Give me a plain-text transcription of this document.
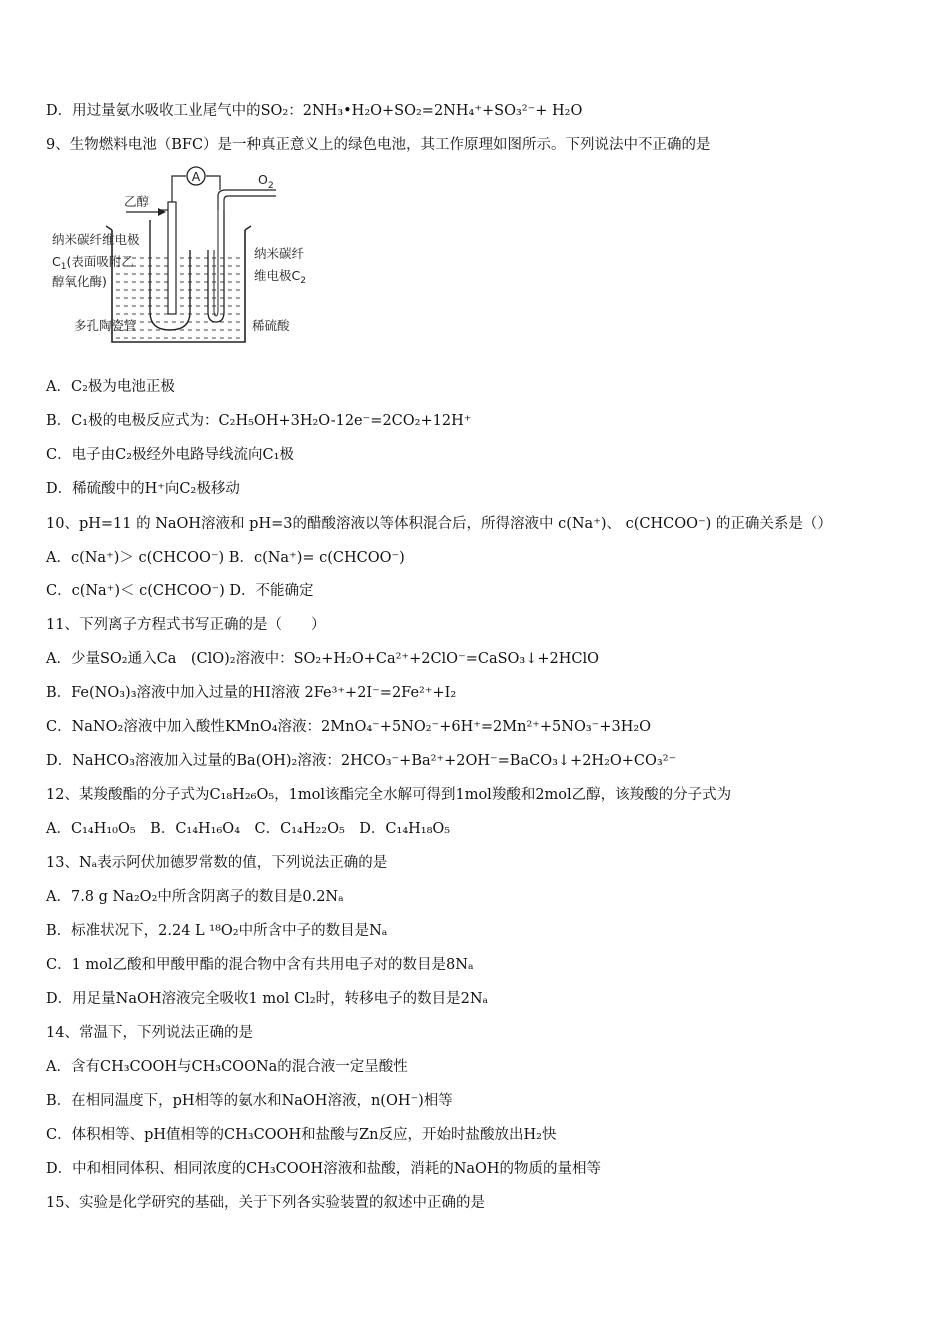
D．用过量氨水吸收工业尾气中的SO₂：2NH₃•H₂O+SO₂=2NH₄⁺+SO₃²⁻+ H₂O
9、生物燃料电池（BFC）是一种真正意义上的绿色电池，其工作原理如图所示。下列说法中不正确的是
A
乙醇
O 2
纳米碳纤维电极
$C_1$(表面吸附乙
醇氧化酶)
纳米碳纤
维电极$C_2$
多孔陶瓷管	稀硫酸
A．C₂极为电池正极
B．C₁极的电极反应式为：C₂H₅OH+3H₂O-12e⁻=2CO₂+12H⁺
C．电子由C₂极经外电路导线流向C₁极
D．稀硫酸中的H⁺向C₂极移动
10、pH=11 的 NaOH溶液和 pH=3的醋酸溶液以等体积混合后，所得溶液中 c(Na⁺)、 c(CHCOO⁻) 的正确关系是（）
A．c(Na⁺)＞ c(CHCOO⁻) B．c(Na⁺)= c(CHCOO⁻)
C．c(Na⁺)＜ c(CHCOO⁻) D．不能确定
11、下列离子方程式书写正确的是（　　）
A．少量SO₂通入Ca　(ClO)₂溶液中：SO₂+H₂O+Ca²⁺+2ClO⁻=CaSO₃↓+2HClO
B．Fe(NO₃)₃溶液中加入过量的HI溶液 2Fe³⁺+2I⁻=2Fe²⁺+I₂
C．NaNO₂溶液中加入酸性KMnO₄溶液：2MnO₄⁻+5NO₂⁻+6H⁺=2Mn²⁺+5NO₃⁻+3H₂O
D．NaHCO₃溶液加入过量的Ba(OH)₂溶液：2HCO₃⁻+Ba²⁺+2OH⁻=BaCO₃↓+2H₂O+CO₃²⁻
12、某羧酸酯的分子式为C₁₈H₂₆O₅，1mol该酯完全水解可得到1mol羧酸和2mol乙醇，该羧酸的分子式为
A．C₁₄H₁₀O₅　B．C₁₄H₁₆O₄　C．C₁₄H₂₂O₅　D．C₁₄H₁₈O₅
13、Nₐ表示阿伏加德罗常数的值，下列说法正确的是
A．7.8 g Na₂O₂中所含阴离子的数目是0.2Nₐ
B．标准状况下，2.24 L ¹⁸O₂中所含中子的数目是Nₐ
C．1 mol乙酸和甲酸甲酯的混合物中含有共用电子对的数目是8Nₐ
D．用足量NaOH溶液完全吸收1 mol Cl₂时，转移电子的数目是2Nₐ
14、常温下，下列说法正确的是
A．含有CH₃COOH与CH₃COONa的混合液一定呈酸性
B．在相同温度下，pH相等的氨水和NaOH溶液，n(OH⁻)相等
C．体积相等、pH值相等的CH₃COOH和盐酸与Zn反应，开始时盐酸放出H₂快
D．中和相同体积、相同浓度的CH₃COOH溶液和盐酸，消耗的NaOH的物质的量相等
15、实验是化学研究的基础，关于下列各实验装置的叙述中正确的是
